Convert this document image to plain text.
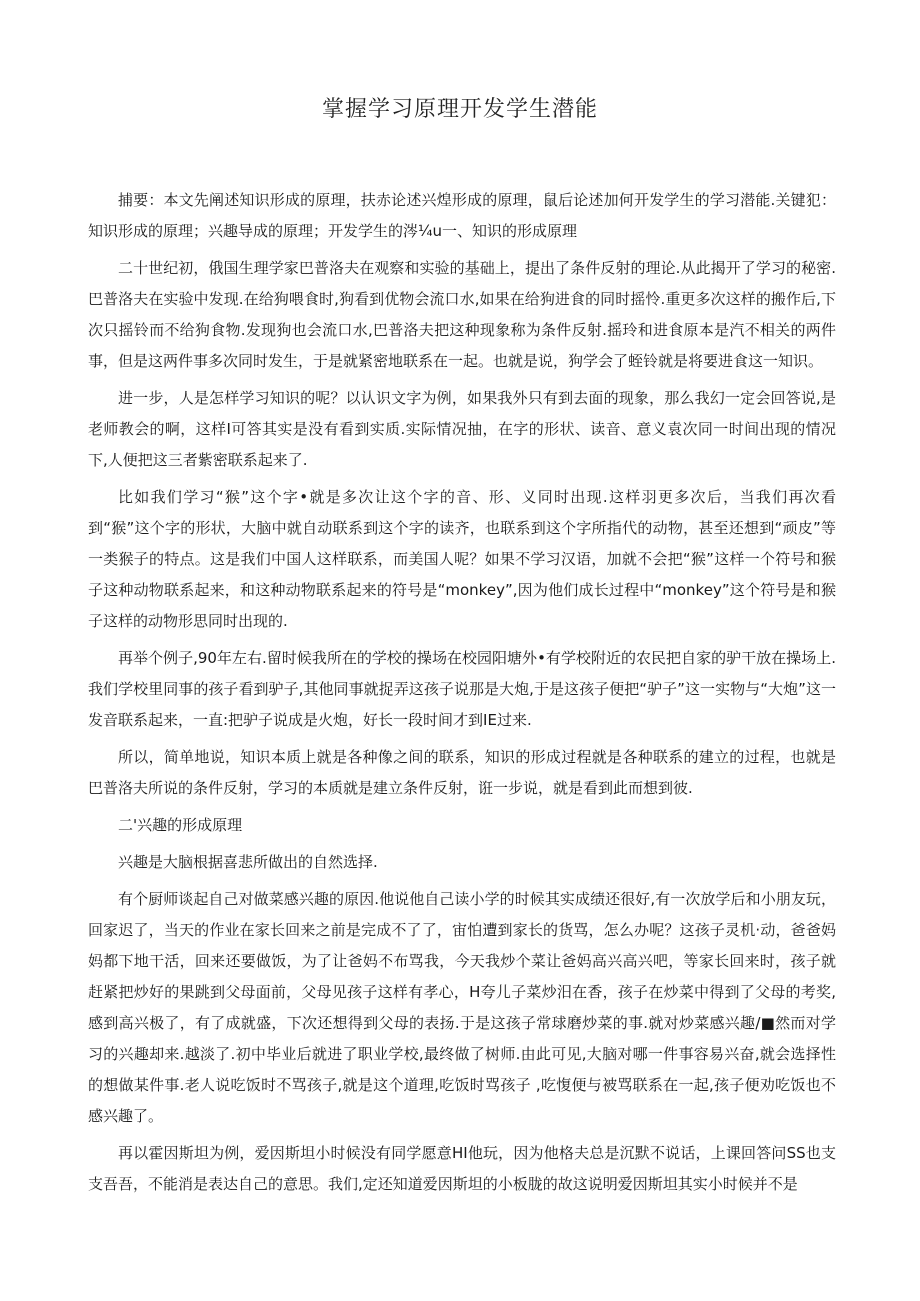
掌握学习原理开发学生潜能

捕要：本文先阐述知识形成的原理，扶赤论述兴煌形成的原理，鼠后论述加何开发学生的学习潜能.关键犯：知识形成的原理；兴趣导成的原理；开发学生的涔¼u一、知识的形成原理

二十世纪初，俄国生理学家巴普洛夫在观察和实验的基础上，提出了条件反射的理论.从此揭开了学习的秘密.巴普洛夫在实验中发现.在给狗喂食时,狗看到优物会流口水,如果在给狗进食的同时摇怜.重更多次这样的搬作后,下次只摇铃而不给狗食物.发现狗也会流口水,巴普洛夫把这种现象称为条件反射.摇玲和进食原本是汽不相关的两件事，但是这两件事多次同时发生，于是就紧密地联系在一起。也就是说，狗学会了蛭铃就是将要进食这一知识。

进一步，人是怎样学习知识的呢？以认识文字为例，如果我外只有到去面的现象，那么我幻一定会回答说,是老师教会的啊，这样I可答其实是没有看到实质.实际情况抽，在字的形状、读音、意义袁次同一时间出现的情况下,人便把这三者紫密联系起来了.

比如我们学习“猴”这个字•就是多次让这个字的音、形、义同时出现.这样羽更多次后，当我们再次看到“猴”这个字的形状，大脑中就自动联系到这个字的读齐，也联系到这个字所指代的动物，甚至还想到“顽皮”等一类猴子的特点。这是我们中国人这样联系，而美国人呢？如果不学习汉语，加就不会把“猴”这样一个符号和猴子这种动物联系起来，和这种动物联系起来的符号是“monkey”,因为他们成长过程中“monkey”这个符号是和猴子这样的动物形思同时出现的.

再举个例子,90年左右.留时候我所在的学校的操场在校园阳塘外•有学校附近的农民把自家的驴干放在操场上.我们学校里同事的孩子看到驴子,其他同事就捉弄这孩子说那是大炮,于是这孩子便把“驴子”这一实物与“大炮”这一发音联系起来，一直:把驴子说成是火炮，好长一段时间才到IE过来.

所以，简单地说，知识本质上就是各种像之间的联系，知识的形成过程就是各种联系的建立的过程，也就是巴普洛夫所说的条件反射，学习的本质就是建立条件反射，诳一步说，就是看到此而想到彼.

二'兴趣的形成原理

兴趣是大脑根据喜悲所做出的自然选择.

有个厨师谈起自己对做菜感兴趣的原因.他说他自己读小学的时候其实成绩还很好,有一次放学后和小朋友玩，回家迟了，当天的作业在家长回来之前是完成不了了，宙怕遭到家长的货骂，怎么办呢？这孩子灵机·动，爸爸妈妈都下地干活，回来还要做饭，为了让爸妈不布骂我，今天我炒个菜让爸妈高兴高兴吧，等家长回来时，孩子就赶紧把炒好的果跳到父母面前，父母见孩子这样有孝心，H夸儿子菜炒汨在香，孩子在炒菜中得到了父母的考奖,感到高兴极了，有了成就盛，下次还想得到父母的表扬.于是这孩子常球磨炒菜的事.就对炒菜感兴趣/■然而对学习的兴趣却来.越淡了.初中毕业后就进了职业学校,最终做了树师.由此可见,大脑对哪一件事容易兴奋,就会选择性的想做某件事.老人说吃饭时不骂孩子,就是这个道理,吃饭时骂孩子 ,吃愎便与被骂联系在一起,孩子便劝吃饭也不感兴趣了。

再以霍因斯坦为例，爱因斯坦小时候没有同学愿意HI他玩，因为他格夫总是沉默不说话，上课回答问SS也支支吾吾，不能消是表达自己的意思。我们,定还知道爱因斯坦的小板胧的故这说明爱因斯坦其实小时候并不是
